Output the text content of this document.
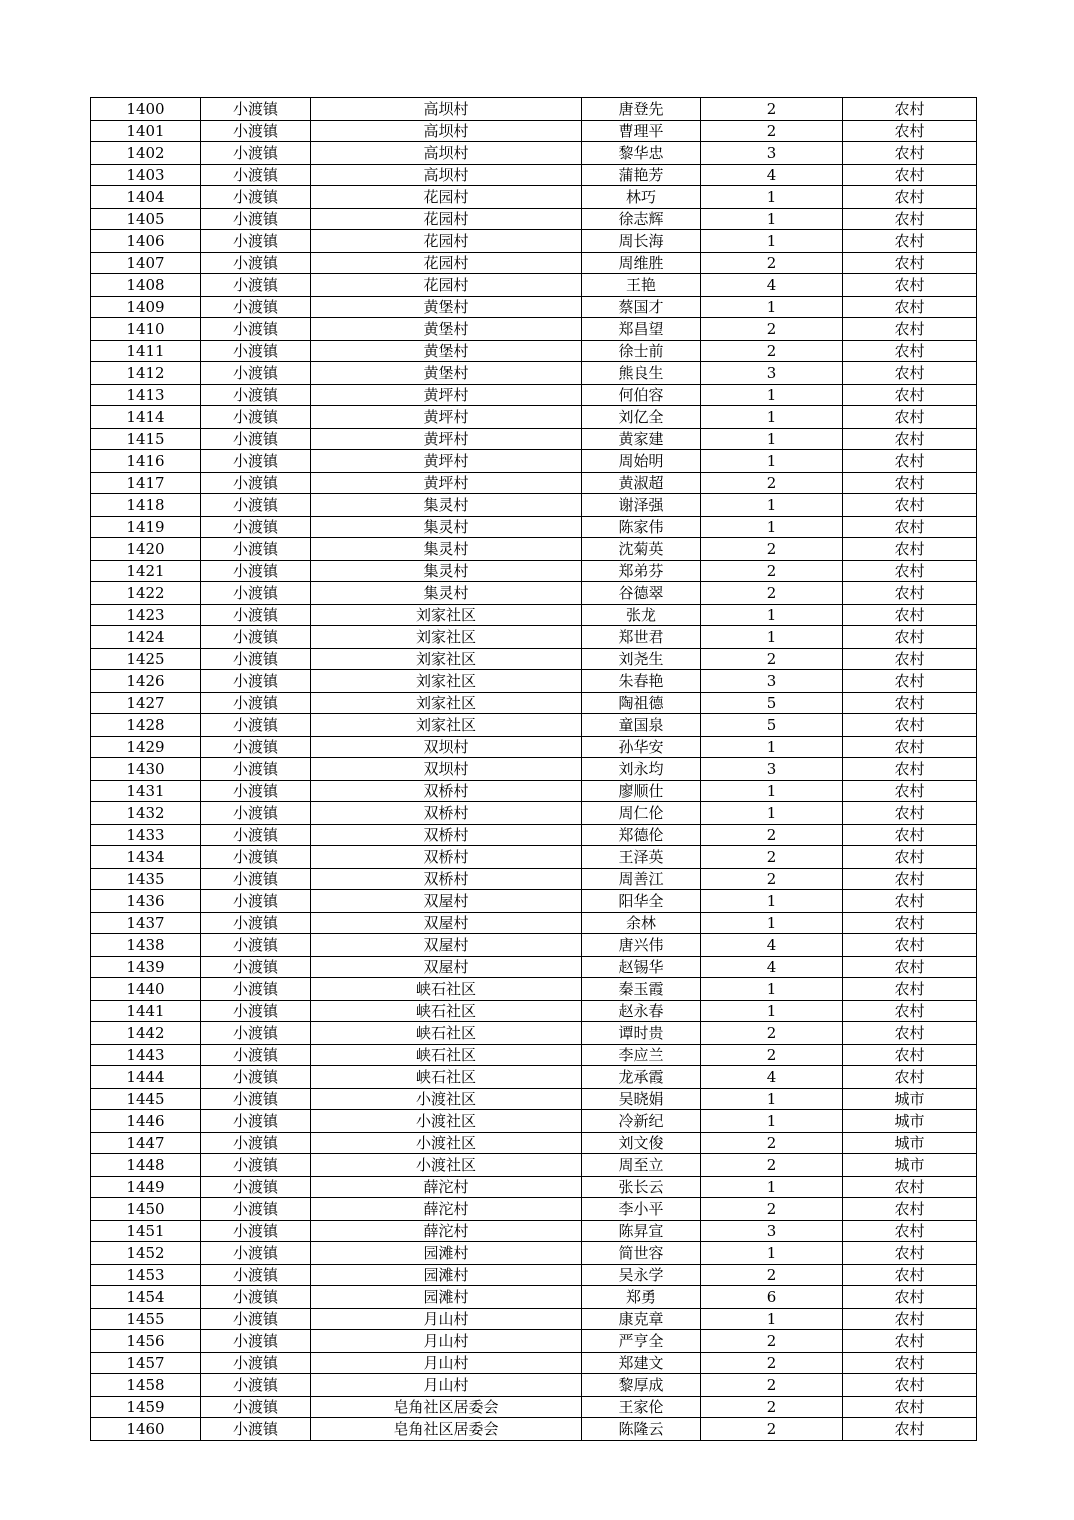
1400	小渡镇	高坝村	唐登先	2	农村
1401	小渡镇	高坝村	曹理平	2	农村
1402	小渡镇	高坝村	黎华忠	3	农村
1403	小渡镇	高坝村	蒲艳芳	4	农村
1404	小渡镇	花园村	林巧	1	农村
1405	小渡镇	花园村	徐志辉	1	农村
1406	小渡镇	花园村	周长海	1	农村
1407	小渡镇	花园村	周维胜	2	农村
1408	小渡镇	花园村	王艳	4	农村
1409	小渡镇	黄堡村	蔡国才	1	农村
1410	小渡镇	黄堡村	郑昌望	2	农村
1411	小渡镇	黄堡村	徐士前	2	农村
1412	小渡镇	黄堡村	熊良生	3	农村
1413	小渡镇	黄坪村	何伯容	1	农村
1414	小渡镇	黄坪村	刘亿全	1	农村
1415	小渡镇	黄坪村	黄家建	1	农村
1416	小渡镇	黄坪村	周始明	1	农村
1417	小渡镇	黄坪村	黄淑超	2	农村
1418	小渡镇	集灵村	谢泽强	1	农村
1419	小渡镇	集灵村	陈家伟	1	农村
1420	小渡镇	集灵村	沈菊英	2	农村
1421	小渡镇	集灵村	郑弟芬	2	农村
1422	小渡镇	集灵村	谷德翠	2	农村
1423	小渡镇	刘家社区	张龙	1	农村
1424	小渡镇	刘家社区	郑世君	1	农村
1425	小渡镇	刘家社区	刘尧生	2	农村
1426	小渡镇	刘家社区	朱春艳	3	农村
1427	小渡镇	刘家社区	陶祖德	5	农村
1428	小渡镇	刘家社区	童国泉	5	农村
1429	小渡镇	双坝村	孙华安	1	农村
1430	小渡镇	双坝村	刘永均	3	农村
1431	小渡镇	双桥村	廖顺仕	1	农村
1432	小渡镇	双桥村	周仁伦	1	农村
1433	小渡镇	双桥村	郑德伦	2	农村
1434	小渡镇	双桥村	王泽英	2	农村
1435	小渡镇	双桥村	周善江	2	农村
1436	小渡镇	双屋村	阳华全	1	农村
1437	小渡镇	双屋村	余林	1	农村
1438	小渡镇	双屋村	唐兴伟	4	农村
1439	小渡镇	双屋村	赵锡华	4	农村
1440	小渡镇	峡石社区	秦玉霞	1	农村
1441	小渡镇	峡石社区	赵永春	1	农村
1442	小渡镇	峡石社区	谭时贵	2	农村
1443	小渡镇	峡石社区	李应兰	2	农村
1444	小渡镇	峡石社区	龙承霞	4	农村
1445	小渡镇	小渡社区	吴晓娟	1	城市
1446	小渡镇	小渡社区	冷新纪	1	城市
1447	小渡镇	小渡社区	刘文俊	2	城市
1448	小渡镇	小渡社区	周至立	2	城市
1449	小渡镇	薛沱村	张长云	1	农村
1450	小渡镇	薛沱村	李小平	2	农村
1451	小渡镇	薛沱村	陈昇宣	3	农村
1452	小渡镇	园滩村	简世容	1	农村
1453	小渡镇	园滩村	吴永学	2	农村
1454	小渡镇	园滩村	郑勇	6	农村
1455	小渡镇	月山村	康克章	1	农村
1456	小渡镇	月山村	严亨全	2	农村
1457	小渡镇	月山村	郑建文	2	农村
1458	小渡镇	月山村	黎厚成	2	农村
1459	小渡镇	皂角社区居委会	王家伦	2	农村
1460	小渡镇	皂角社区居委会	陈隆云	2	农村
